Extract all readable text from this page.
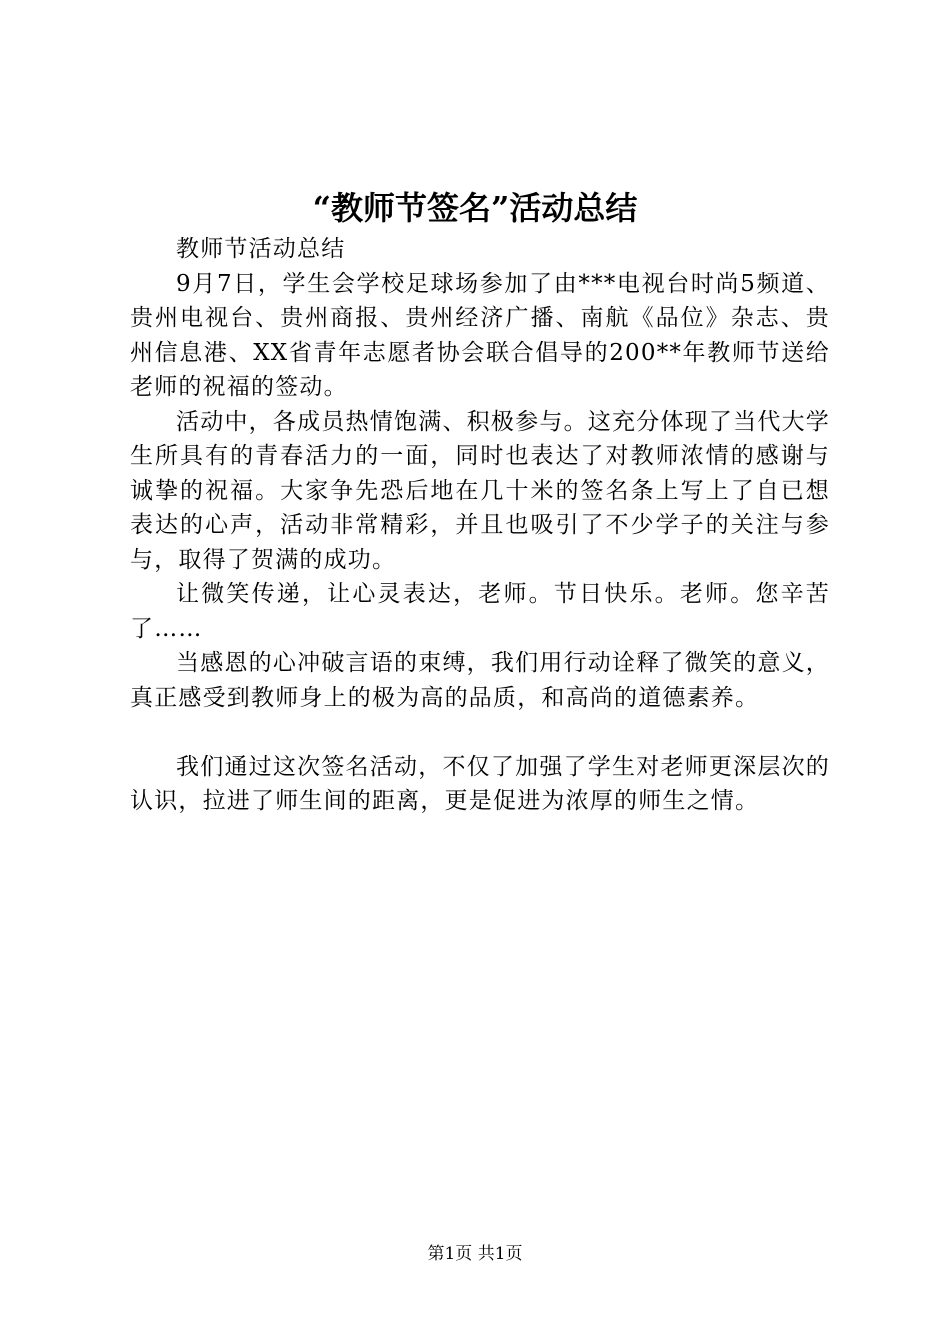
“教师节签名”活动总结

教师节活动总结

9月7日，学生会学校足球场参加了由***电视台时尚5频道、贵州电视台、贵州商报、贵州经济广播、南航《品位》杂志、贵州信息港、XX省青年志愿者协会联合倡导的200**年教师节送给老师的祝福的签动。

活动中，各成员热情饱满、积极参与。这充分体现了当代大学生所具有的青春活力的一面，同时也表达了对教师浓情的感谢与诚挚的祝福。大家争先恐后地在几十米的签名条上写上了自已想表达的心声，活动非常精彩，并且也吸引了不少学子的关注与参与，取得了贺满的成功。

让微笑传递，让心灵表达，老师。节日快乐。老师。您辛苦了……

当感恩的心冲破言语的束缚，我们用行动诠释了微笑的意义，真正感受到教师身上的极为高的品质，和高尚的道德素养。

我们通过这次签名活动，不仅了加强了学生对老师更深层次的认识，拉进了师生间的距离，更是促进为浓厚的师生之情。

第1页 共1页
